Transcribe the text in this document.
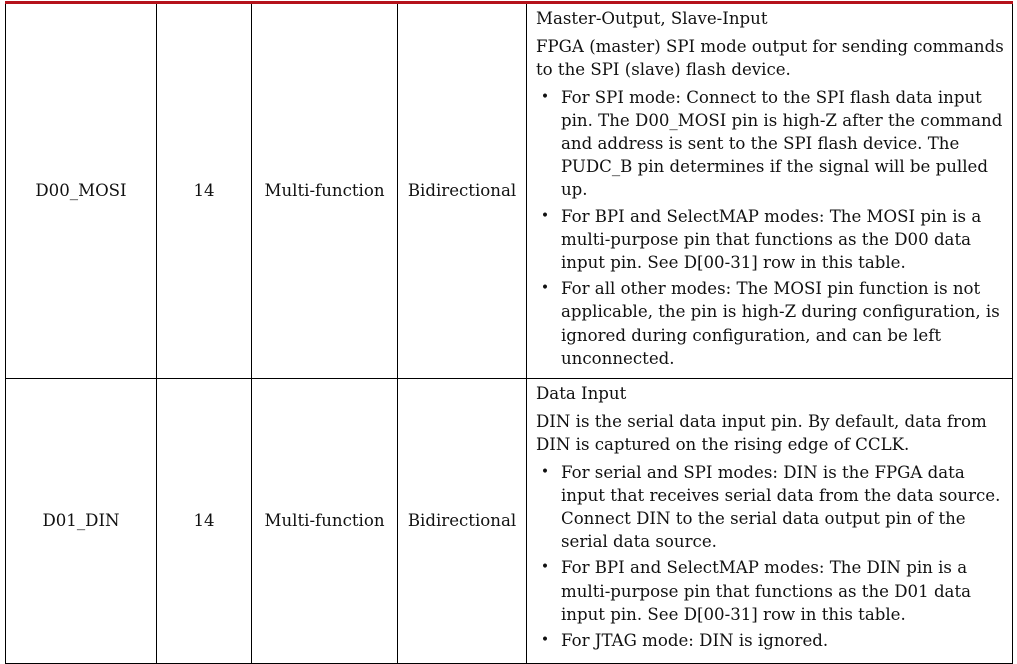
D00_MOSI	14	Multi-function	Bidirectional	

Master-Output, Slave-Input

FPGA (master) SPI mode output for sending commands to the SPI (slave) flash device.

• For SPI mode: Connect to the SPI flash data input pin. The D00_MOSI pin is high-Z after the command and address is sent to the SPI flash device. The PUDC_B pin determines if the signal will be pulled up.
• For BPI and SelectMAP modes: The MOSI pin is a multi-purpose pin that functions as the D00 data input pin. See D[00-31] row in this table.
• For all other modes: The MOSI pin function is not applicable, the pin is high-Z during configuration, is ignored during configuration, and can be left unconnected.

D01_DIN	14	Multi-function	Bidirectional	

Data Input

DIN is the serial data input pin. By default, data from DIN is captured on the rising edge of CCLK.

• For serial and SPI modes: DIN is the FPGA data input that receives serial data from the data source. Connect DIN to the serial data output pin of the serial data source.
• For BPI and SelectMAP modes: The DIN pin is a multi-purpose pin that functions as the D01 data input pin. See D[00-31] row in this table.
• For JTAG mode: DIN is ignored.
